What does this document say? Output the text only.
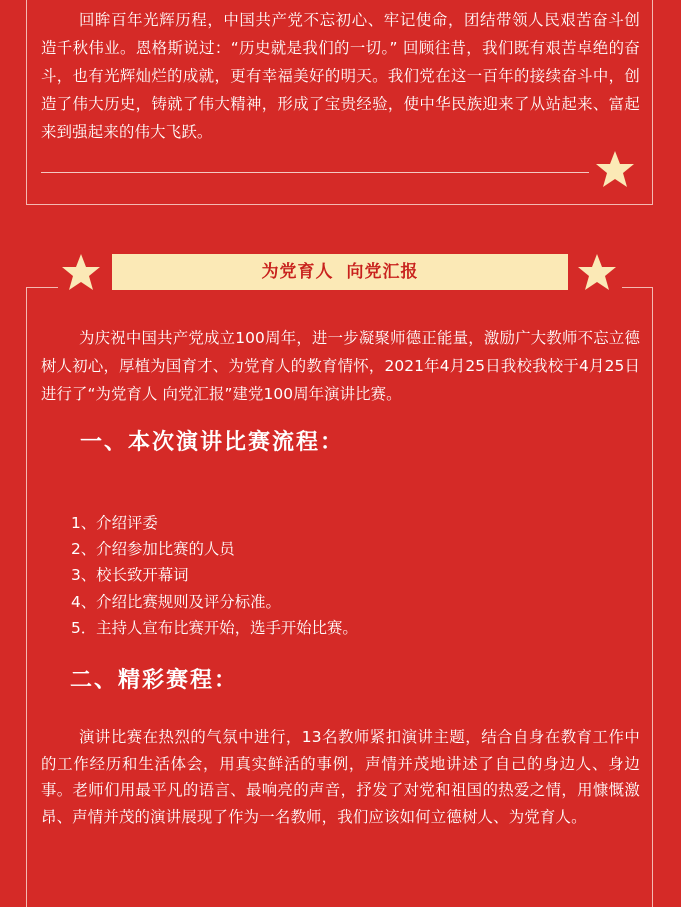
回眸百年光辉历程，中国共产党不忘初心、牢记使命，团结带领人民艰苦奋斗创造千秋伟业。恩格斯说过：“历史就是我们的一切。” 回顾往昔，我们既有艰苦卓绝的奋斗，也有光辉灿烂的成就，更有幸福美好的明天。我们党在这一百年的接续奋斗中，创造了伟大历史，铸就了伟大精神，形成了宝贵经验，使中华民族迎来了从站起来、富起来到强起来的伟大飞跃。

为党育人 向党汇报

为庆祝中国共产党成立100周年，进一步凝聚师德正能量，激励广大教师不忘立德树人初心，厚植为国育才、为党育人的教育情怀，2021年4月25日我校我校于4月25日进行了“为党育人 向党汇报”建党100周年演讲比赛。

一、本次演讲比赛流程：
1、介绍评委
2、介绍参加比赛的人员
3、校长致开幕词
4、介绍比赛规则及评分标准。
5．主持人宣布比赛开始，选手开始比赛。
二、精彩赛程：

演讲比赛在热烈的气氛中进行，13名教师紧扣演讲主题，结合自身在教育工作中的工作经历和生活体会，用真实鲜活的事例，声情并茂地讲述了自己的身边人、身边事。老师们用最平凡的语言、最响亮的声音，抒发了对党和祖国的热爱之情，用慷慨激昂、声情并茂的演讲展现了作为一名教师，我们应该如何立德树人、为党育人。
